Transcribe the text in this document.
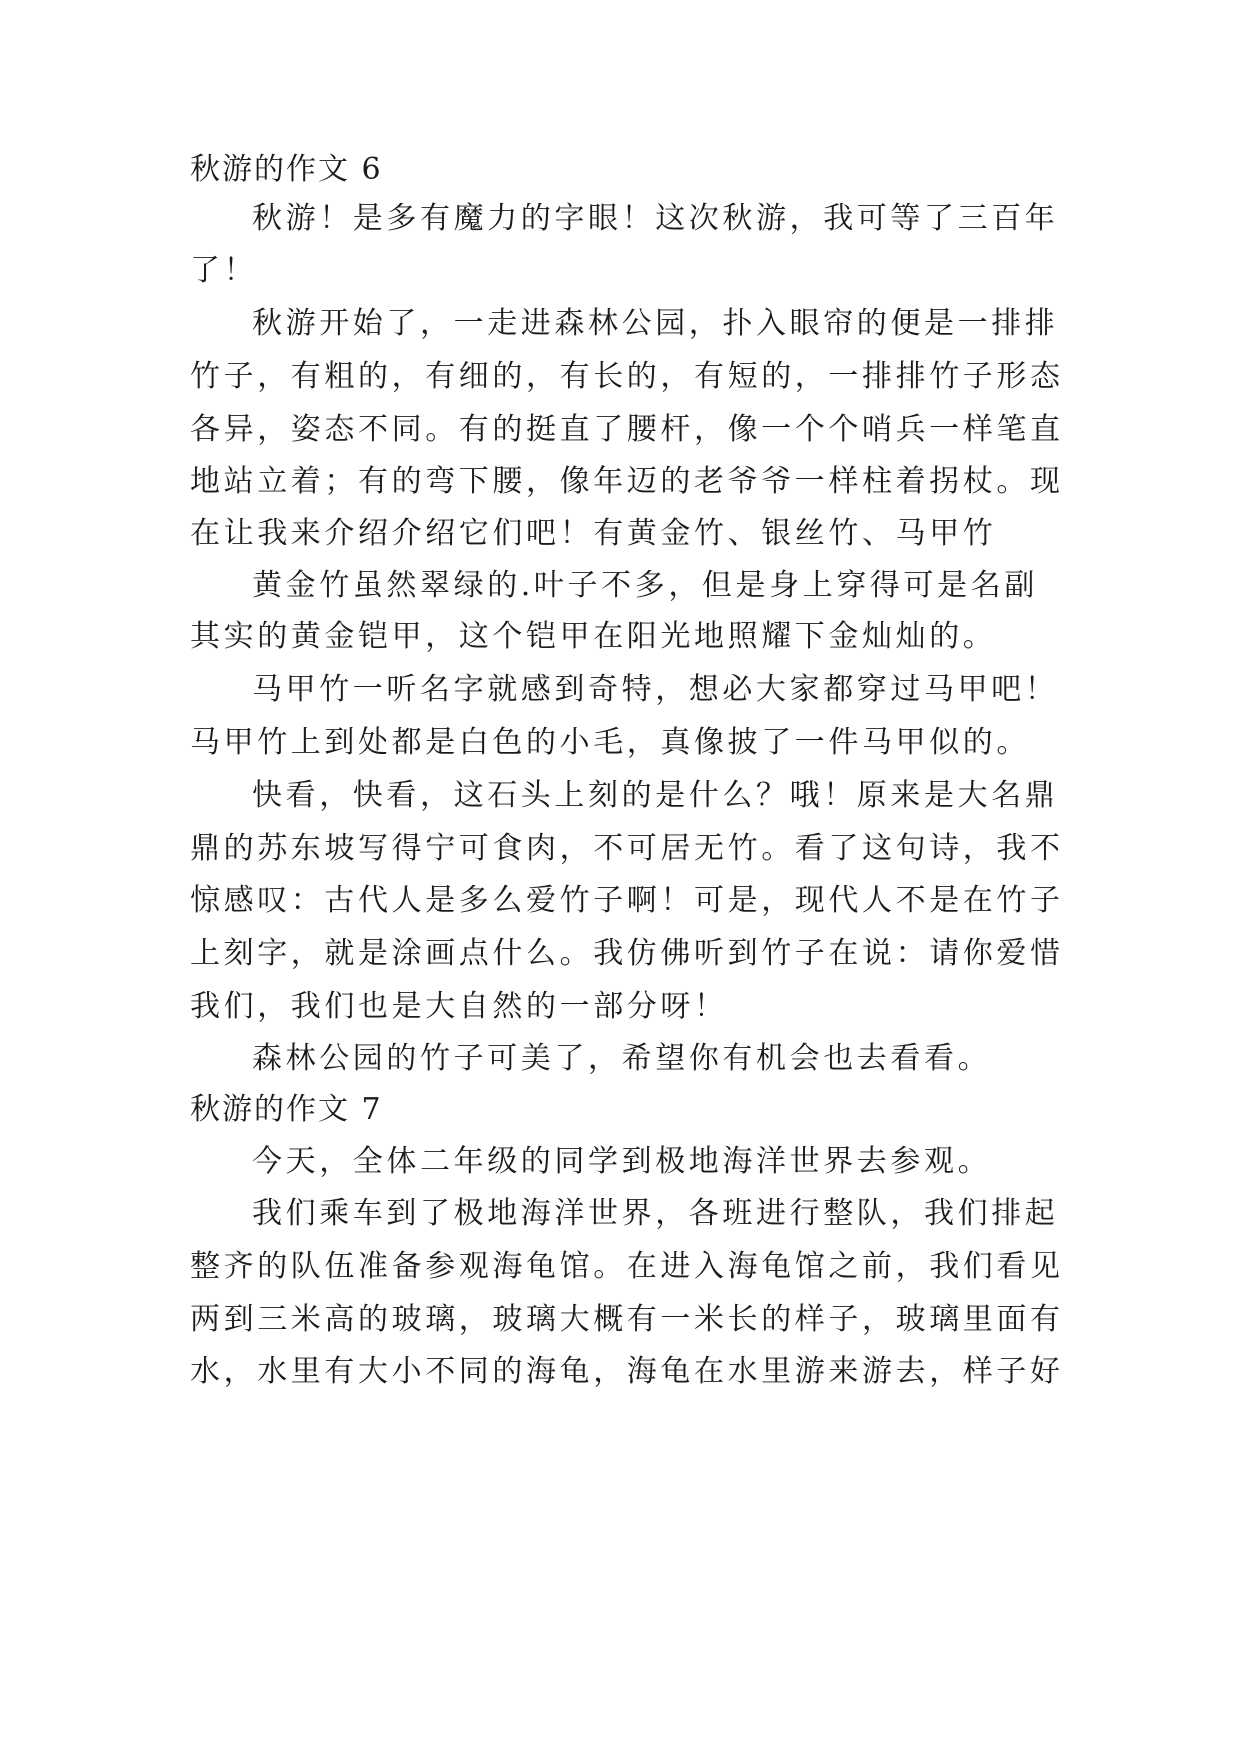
秋游的作文 6

秋游！是多有魔力的字眼！这次秋游，我可等了三百年

了！

秋游开始了，一走进森林公园，扑入眼帘的便是一排排

竹子，有粗的，有细的，有长的，有短的，一排排竹子形态

各异，姿态不同。有的挺直了腰杆，像一个个哨兵一样笔直

地站立着；有的弯下腰，像年迈的老爷爷一样柱着拐杖。现

在让我来介绍介绍它们吧！有黄金竹、银丝竹、马甲竹

黄金竹虽然翠绿的.叶子不多，但是身上穿得可是名副

其实的黄金铠甲，这个铠甲在阳光地照耀下金灿灿的。

马甲竹一听名字就感到奇特，想必大家都穿过马甲吧！

马甲竹上到处都是白色的小毛，真像披了一件马甲似的。

快看，快看，这石头上刻的是什么？哦！原来是大名鼎

鼎的苏东坡写得宁可食肉，不可居无竹。看了这句诗，我不

惊感叹：古代人是多么爱竹子啊！可是，现代人不是在竹子

上刻字，就是涂画点什么。我仿佛听到竹子在说：请你爱惜

我们，我们也是大自然的一部分呀！

森林公园的竹子可美了，希望你有机会也去看看。

秋游的作文 7

今天，全体二年级的同学到极地海洋世界去参观。

我们乘车到了极地海洋世界，各班进行整队，我们排起

整齐的队伍准备参观海龟馆。在进入海龟馆之前，我们看见

两到三米高的玻璃，玻璃大概有一米长的样子，玻璃里面有

水，水里有大小不同的海龟，海龟在水里游来游去，样子好
